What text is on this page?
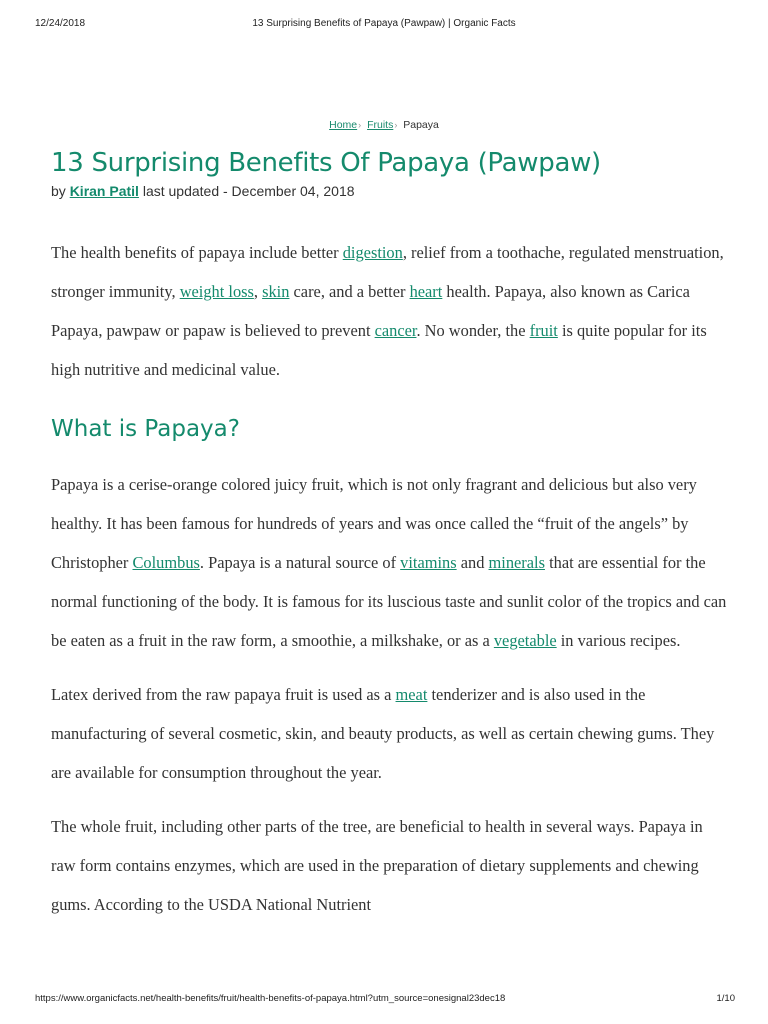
12/24/2018	13 Surprising Benefits of Papaya (Pawpaw) | Organic Facts
Home› Fruits› Papaya
13 Surprising Benefits Of Papaya (Pawpaw)
by Kiran Patil last updated - December 04, 2018

The health benefits of papaya include better digestion, relief from a toothache, regulated menstruation, stronger immunity, weight loss, skin care, and a better heart health. Papaya, also known as Carica Papaya, pawpaw or papaw is believed to prevent cancer. No wonder, the fruit is quite popular for its high nutritive and medicinal value.

What is Papaya?

Papaya is a cerise-orange colored juicy fruit, which is not only fragrant and delicious but also very healthy. It has been famous for hundreds of years and was once called the “fruit of the angels” by Christopher Columbus. Papaya is a natural source of vitamins and minerals that are essential for the normal functioning of the body. It is famous for its luscious taste and sunlit color of the tropics and can be eaten as a fruit in the raw form, a smoothie, a milkshake, or as a vegetable in various recipes.

Latex derived from the raw papaya fruit is used as a meat tenderizer and is also used in the manufacturing of several cosmetic, skin, and beauty products, as well as certain chewing gums. They are available for consumption throughout the year.

The whole fruit, including other parts of the tree, are beneficial to health in several ways. Papaya in raw form contains enzymes, which are used in the preparation of dietary supplements and chewing gums. According to the USDA National Nutrient

https://www.organicfacts.net/health-benefits/fruit/health-benefits-of-papaya.html?utm_source=onesignal23dec18	1/10
